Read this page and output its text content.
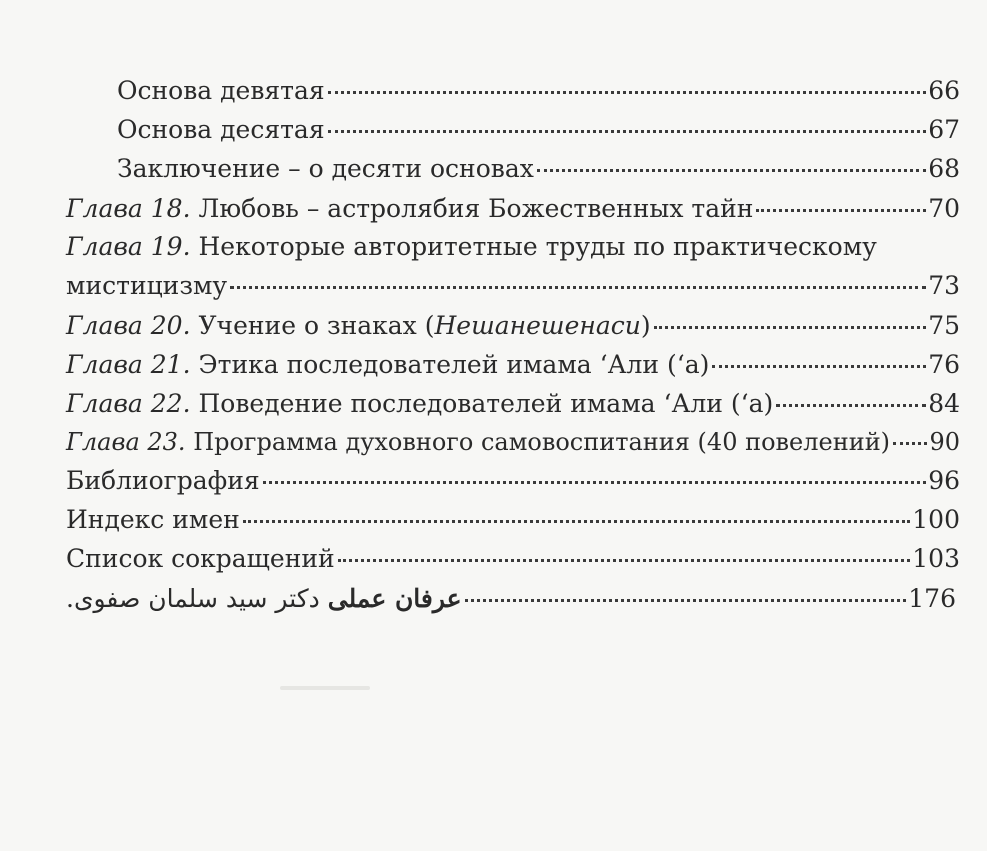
Основа девятая	66
Основа десятая	67
Заключение – о десяти основах	68
Глава 18. Любовь – астролябия Божественных тайн	70
Глава 19. Некоторые авторитетные труды по практическому
мистицизму	73
Глава 20. Учение о знаках (Нешанешенаси)	75
Глава 21. Этика последователей имама ‘Али (‘а)	76
Глава 22. Поведение последователей имама ‘Али (‘а)	84
Глава 23. Программа духовного самовоспитания (40 повелений) 90
Библиография	96
Индекс имен	100
Список сокращений	103
عرفان عملى دکتر سید سلمان صفوی.	176
